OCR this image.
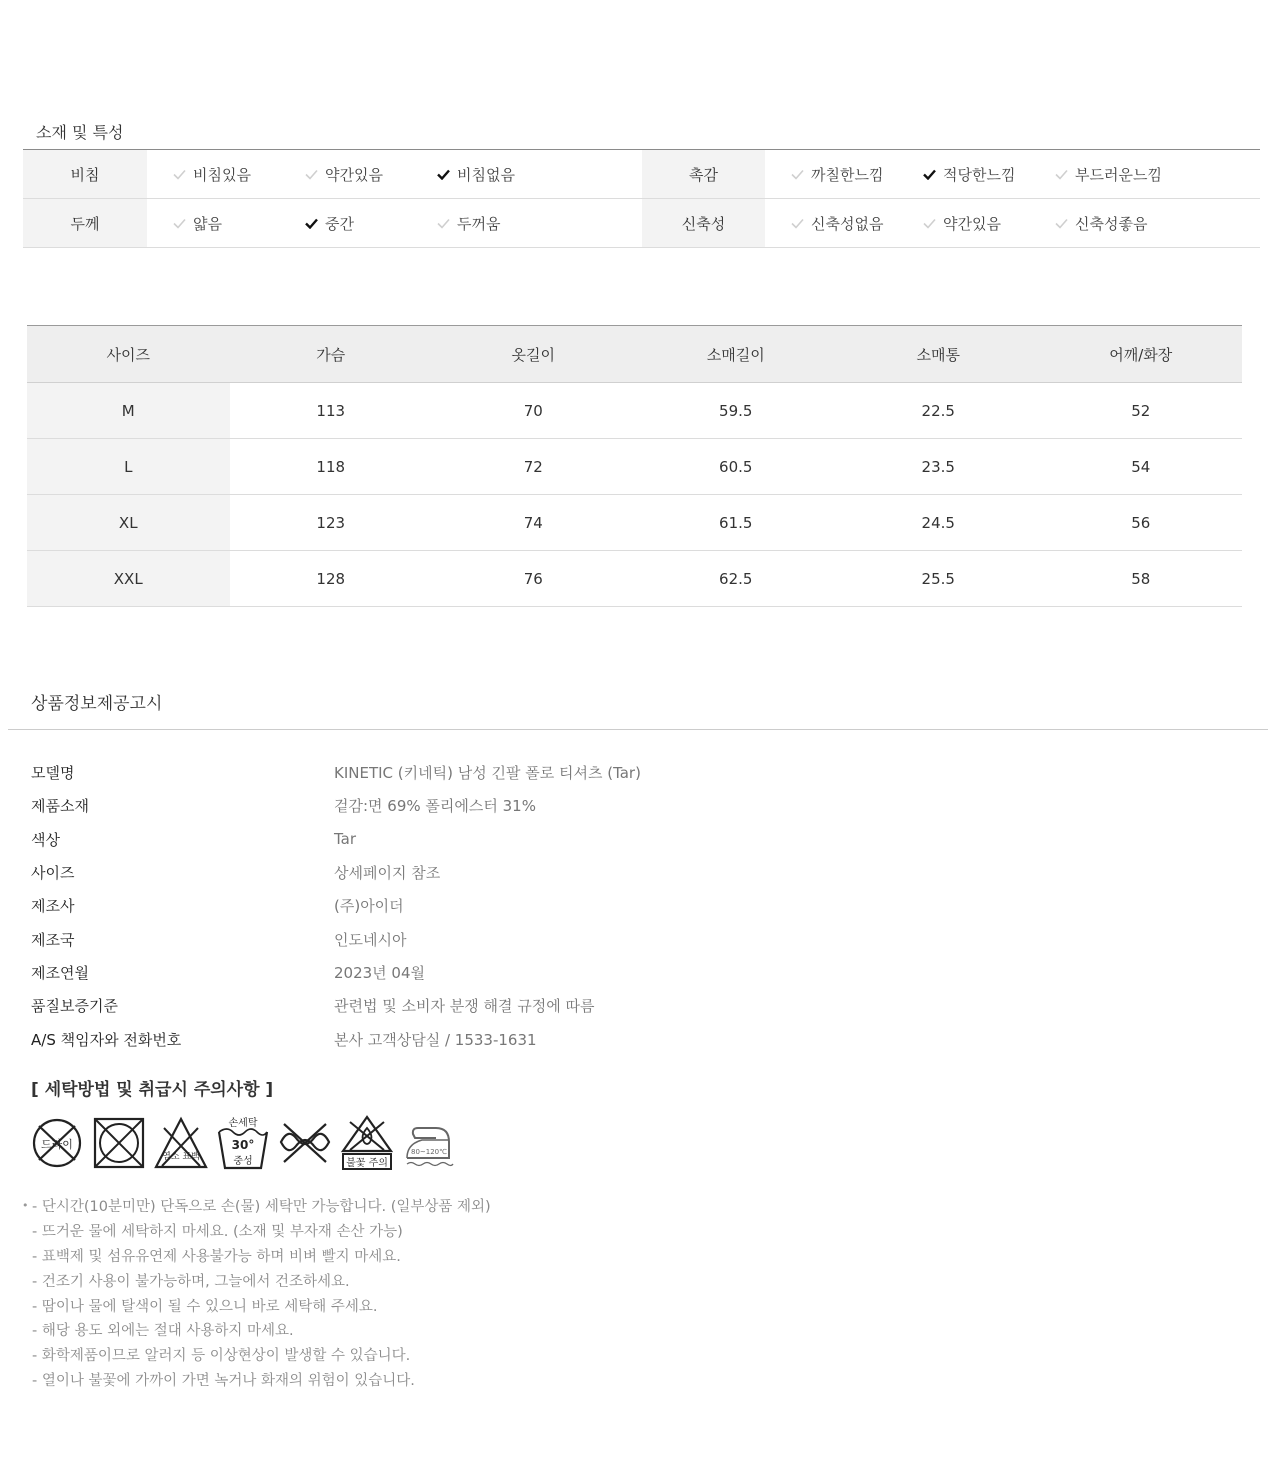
소재 및 특성
비침	비침있음	약간있음	비침없음	촉감	까칠한느낌	적당한느낌	부드러운느낌
두께	얇음	중간	두꺼움	신축성	신축성없음	약간있음	신축성좋음
사이즈	가슴	옷길이	소매길이	소매통	어깨/화장
M	113	70	59.5	22.5	52
L	118	72	60.5	23.5	54
XL	123	74	61.5	24.5	56
XXL	128	76	62.5	25.5	58
상품정보제공고시
모델명	KINETIC (키네틱) 남성 긴팔 폴로 티셔츠 (Tar)
제품소재	겉감:면 69% 폴리에스터 31%
색상	Tar
사이즈	상세페이지 참조
제조사	(주)아이더
제조국	인도네시아
제조연월	2023년 04월
품질보증기준	관련법 및 소비자 분쟁 해결 규정에 따름
A/S 책임자와 전화번호	본사 고객상담실 / 1533-1631
[ 세탁방법 및 취급시 주의사항 ]
드라이
염소 표백
손세탁
30°
중성	불꽃 주의
80~120℃
• - 단시간(10분미만) 단독으로 손(물) 세탁만 가능합니다. (일부상품 제외)
- 뜨거운 물에 세탁하지 마세요. (소재 및 부자재 손산 가능)
- 표백제 및 섬유유연제 사용불가능 하며 비벼 빨지 마세요.
- 건조기 사용이 불가능하며, 그늘에서 건조하세요.
- 땀이나 물에 탈색이 될 수 있으니 바로 세탁해 주세요.
- 해당 용도 외에는 절대 사용하지 마세요.
- 화학제품이므로 알러지 등 이상현상이 발생할 수 있습니다.
- 열이나 불꽃에 가까이 가면 녹거나 화재의 위험이 있습니다.
